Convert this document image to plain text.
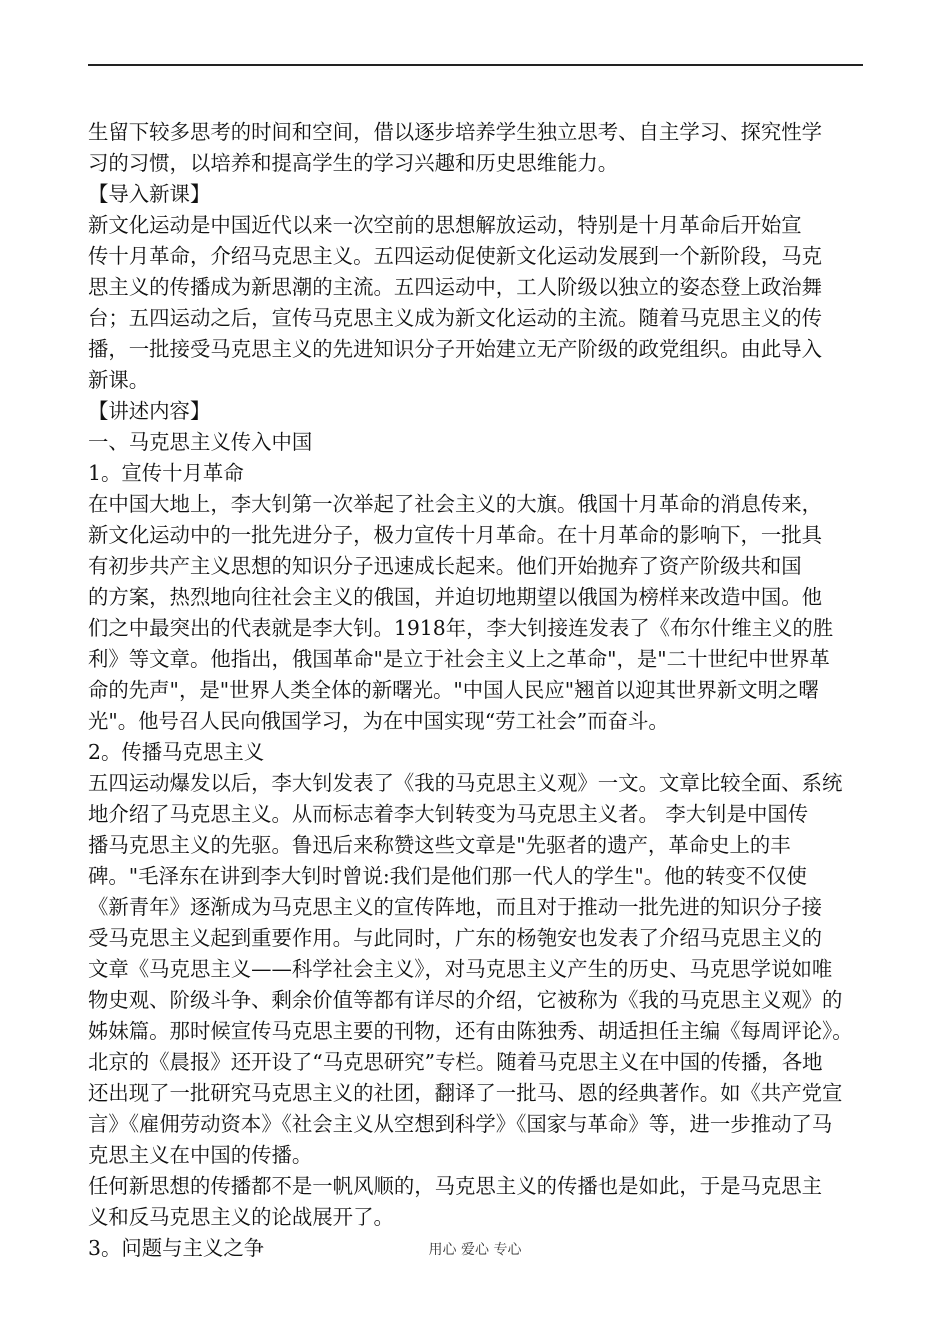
生留下较多思考的时间和空间，借以逐步培养学生独立思考、自主学习、探究性学
习的习惯，以培养和提高学生的学习兴趣和历史思维能力。
【导入新课】
新文化运动是中国近代以来一次空前的思想解放运动，特别是十月革命后开始宣
传十月革命，介绍马克思主义。五四运动促使新文化运动发展到一个新阶段，马克
思主义的传播成为新思潮的主流。五四运动中，工人阶级以独立的姿态登上政治舞
台；五四运动之后，宣传马克思主义成为新文化运动的主流。随着马克思主义的传
播，一批接受马克思主义的先进知识分子开始建立无产阶级的政党组织。由此导入
新课。
【讲述内容】
一、马克思主义传入中国
1。宣传十月革命
在中国大地上，李大钊第一次举起了社会主义的大旗。俄国十月革命的消息传来，
新文化运动中的一批先进分子，极力宣传十月革命。在十月革命的影响下，一批具
有初步共产主义思想的知识分子迅速成长起来。他们开始抛弃了资产阶级共和国
的方案，热烈地向往社会主义的俄国，并迫切地期望以俄国为榜样来改造中国。他
们之中最突出的代表就是李大钊。1918年，李大钊接连发表了《布尔什维主义的胜
利》等文章。他指出，俄国革命"是立于社会主义上之革命"，是"二十世纪中世界革
命的先声"，是"世界人类全体的新曙光。"中国人民应"翘首以迎其世界新文明之曙
光"。他号召人民向俄国学习，为在中国实现“劳工社会”而奋斗。
2。传播马克思主义
五四运动爆发以后，李大钊发表了《我的马克思主义观》一文。文章比较全面、系统
地介绍了马克思主义。从而标志着李大钊转变为马克思主义者。 李大钊是中国传
播马克思主义的先驱。鲁迅后来称赞这些文章是"先驱者的遗产，革命史上的丰
碑。"毛泽东在讲到李大钊时曾说:我们是他们那一代人的学生"。他的转变不仅使
《新青年》逐渐成为马克思主义的宣传阵地，而且对于推动一批先进的知识分子接
受马克思主义起到重要作用。与此同时，广东的杨匏安也发表了介绍马克思主义的
文章《马克思主义——科学社会主义》，对马克思主义产生的历史、马克思学说如唯
物史观、阶级斗争、剩余价值等都有详尽的介绍，它被称为《我的马克思主义观》的
姊妹篇。那时候宣传马克思主要的刊物，还有由陈独秀、胡适担任主编《每周评论》。
北京的《晨报》还开设了“马克思研究”专栏。随着马克思主义在中国的传播，各地
还出现了一批研究马克思主义的社团，翻译了一批马、恩的经典著作。如《共产党宣
言》《雇佣劳动资本》《社会主义从空想到科学》《国家与革命》等，进一步推动了马
克思主义在中国的传播。
任何新思想的传播都不是一帆风顺的，马克思主义的传播也是如此，于是马克思主
义和反马克思主义的论战展开了。
3。问题与主义之争	用心 爱心 专心
